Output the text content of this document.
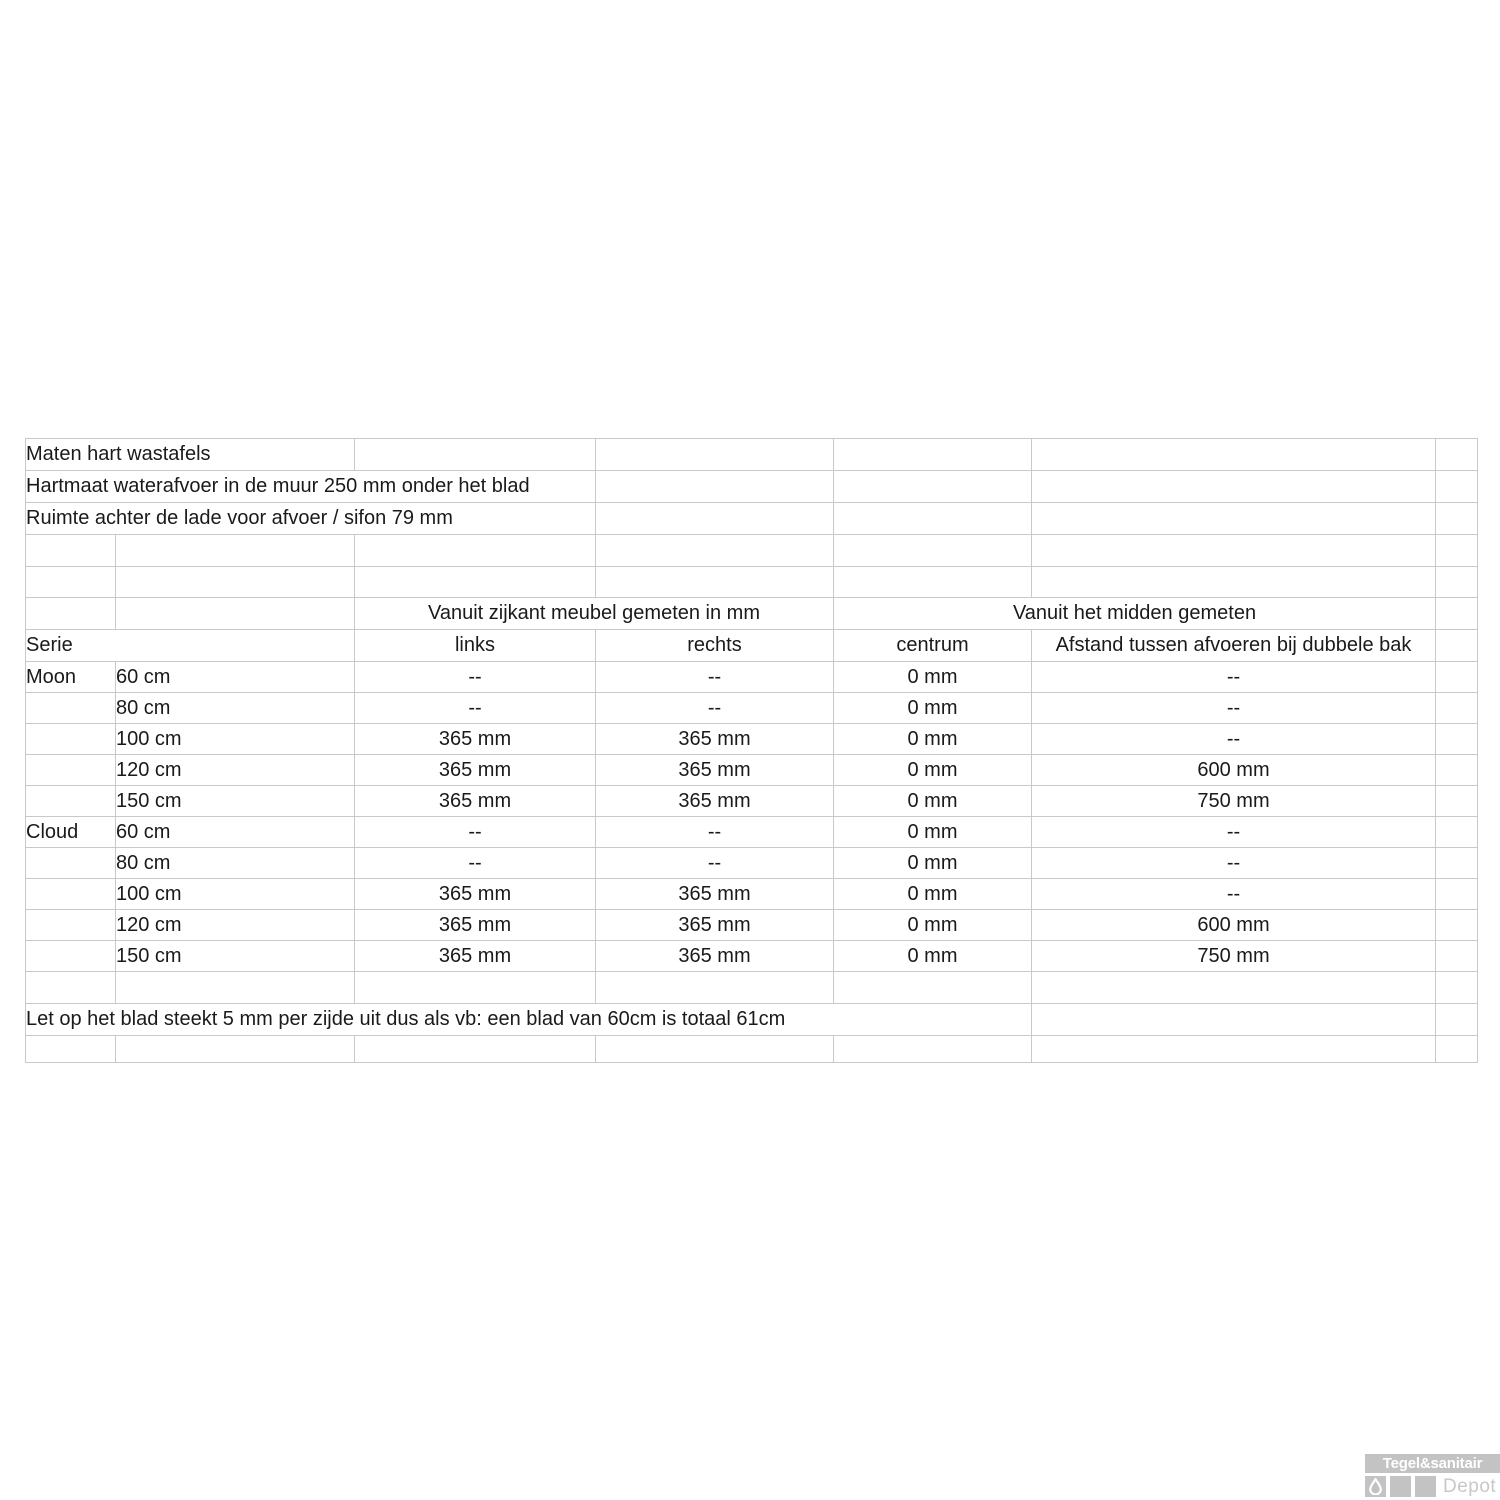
Maten hart wastafels						
Hartmaat waterafvoer in de muur 250 mm onder het blad						
Ruimte achter de lade voor afvoer / sifon 79 mm						

		Vanuit zijkant meubel gemeten in mm		Vanuit het midden gemeten		
Serie		links	rechts	centrum	Afstand tussen afvoeren bij dubbele bak	
Moon	60 cm	--	--	0 mm	--	
	80 cm	--	--	0 mm	--	
	100 cm	365 mm	365 mm	0 mm	--	
	120 cm	365 mm	365 mm	0 mm	600 mm	
	150 cm	365 mm	365 mm	0 mm	750 mm	
Cloud	60 cm	--	--	0 mm	--	
	80 cm	--	--	0 mm	--	
	100 cm	365 mm	365 mm	0 mm	--	
	120 cm	365 mm	365 mm	0 mm	600 mm	
	150 cm	365 mm	365 mm	0 mm	750 mm	

Let op het blad steekt 5 mm per zijde uit dus als vb: een blad van 60cm is totaal 61cm						

Tegel&sanitair
Depot
